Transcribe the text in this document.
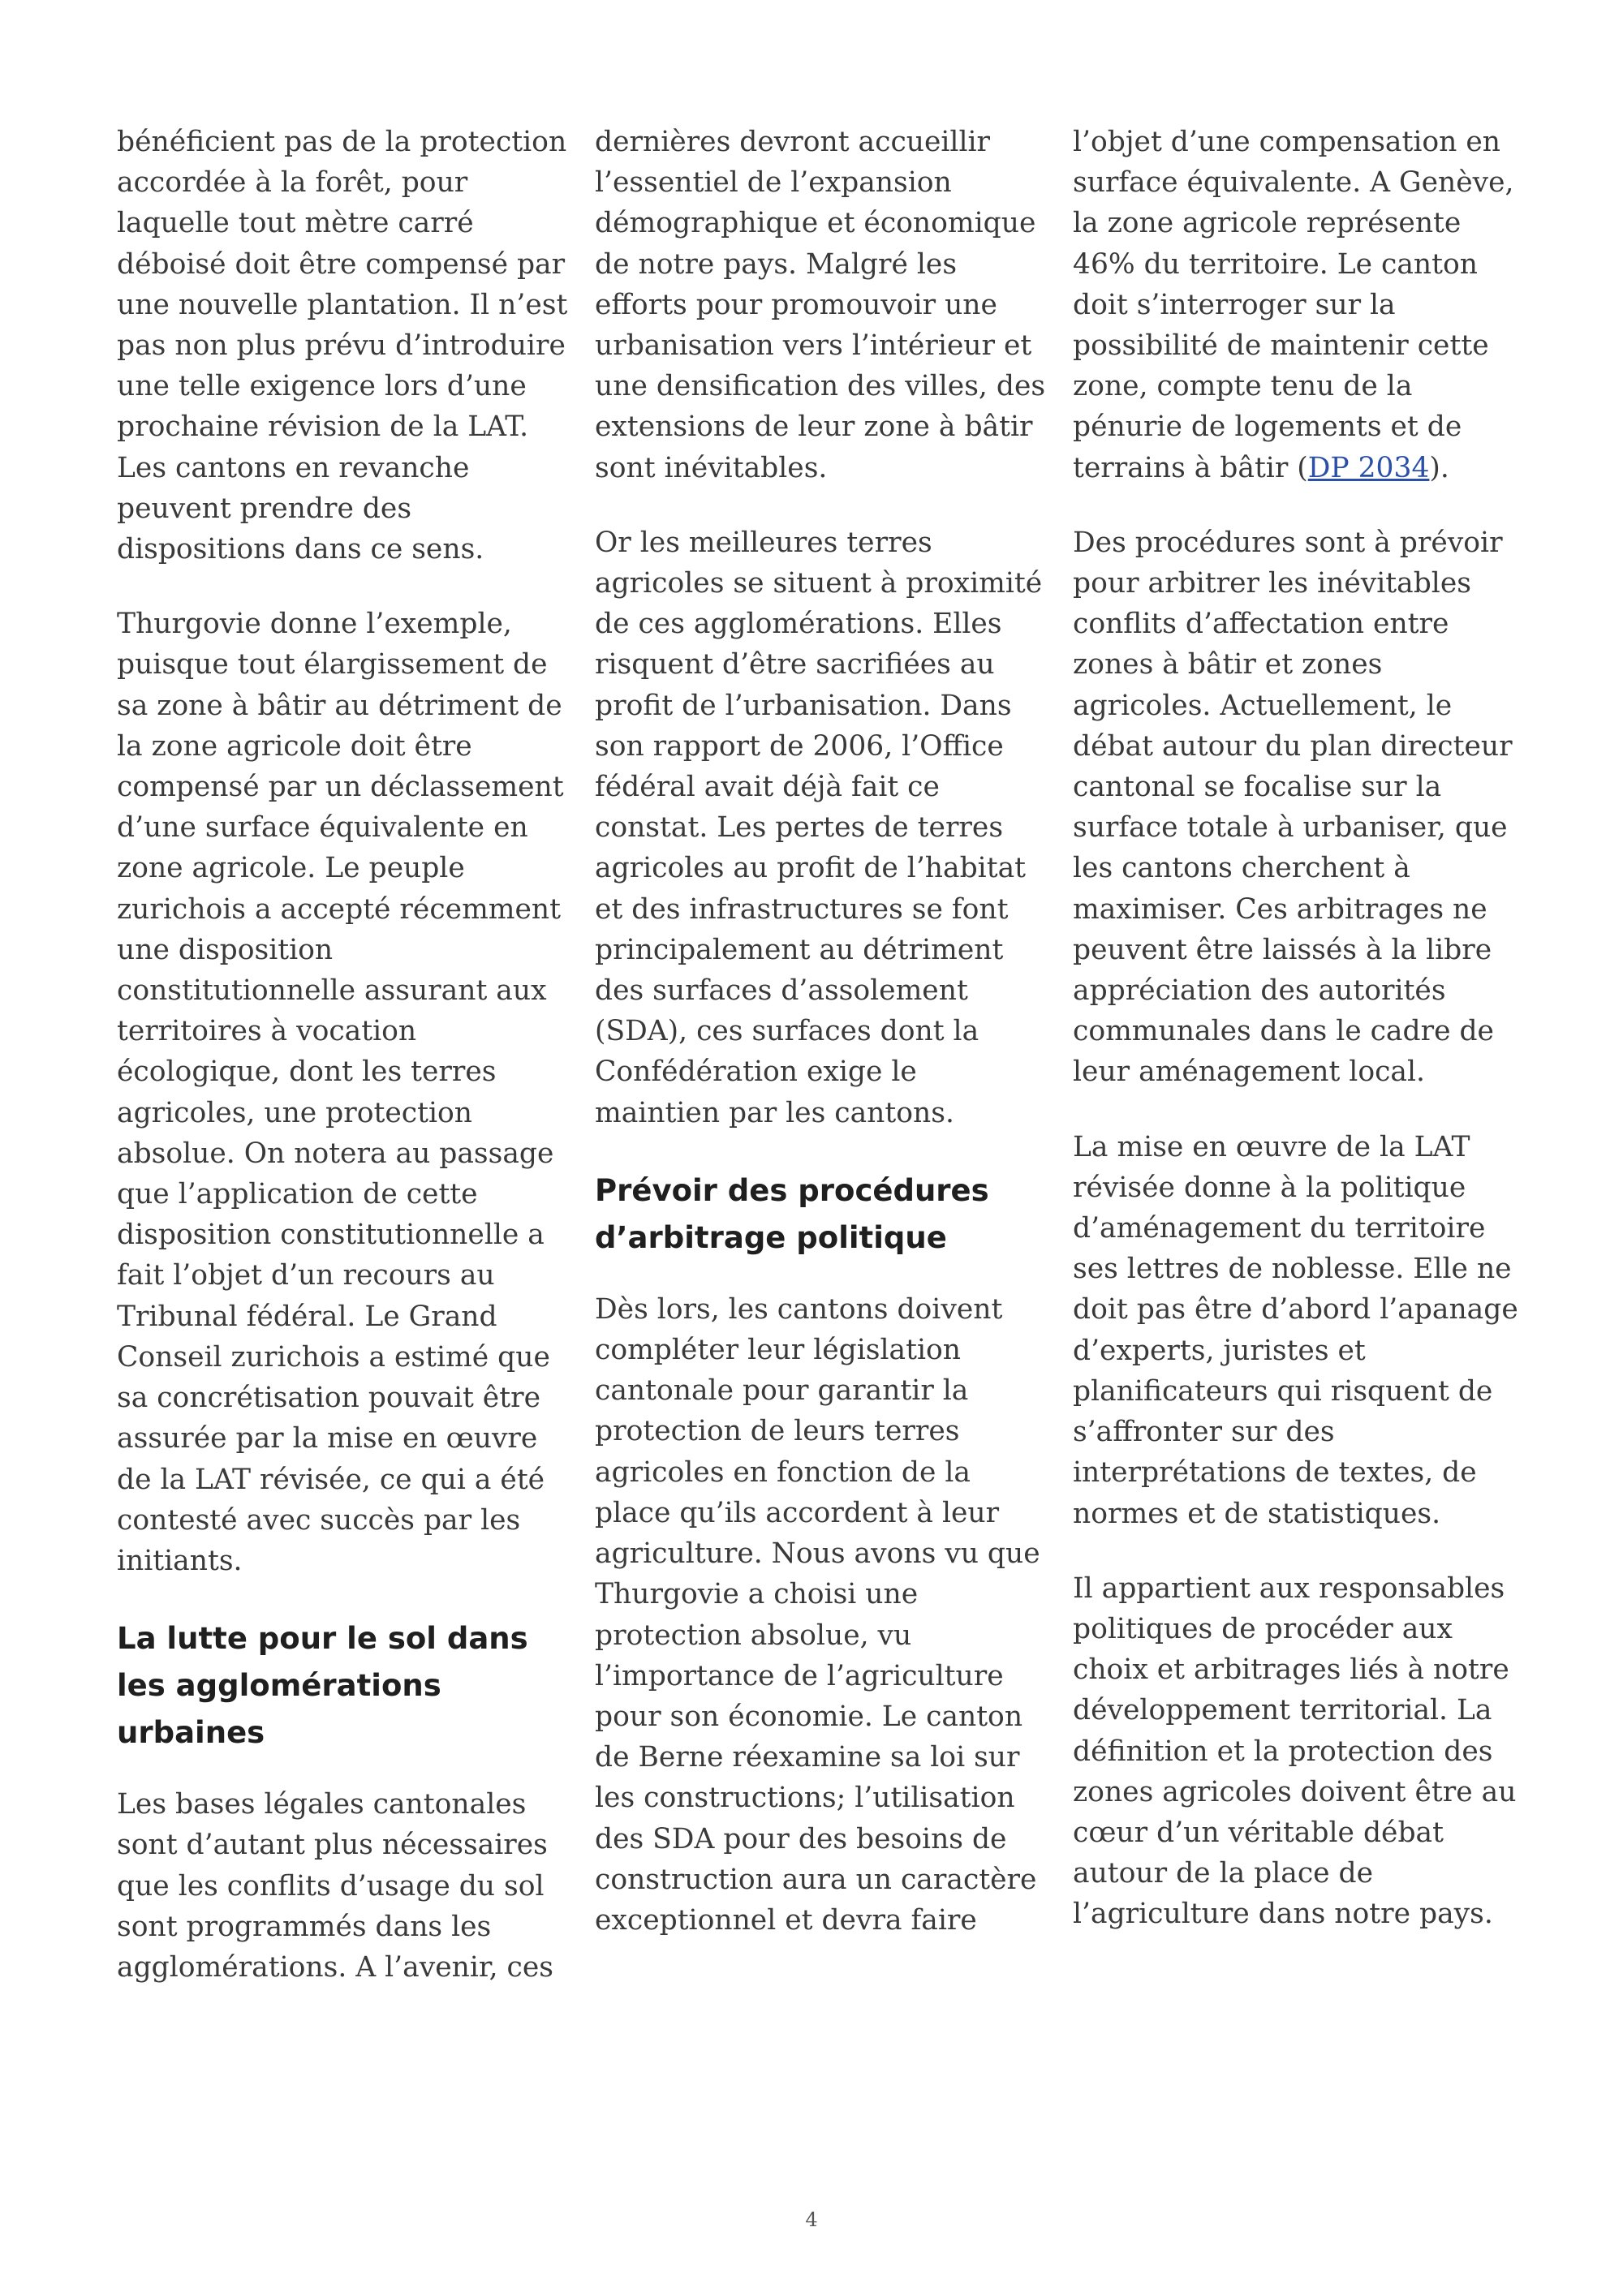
bénéficient pas de la protection accordée à la forêt, pour laquelle tout mètre carré déboisé doit être compensé par une nouvelle plantation. Il n’est pas non plus prévu d’introduire une telle exigence lors d’une prochaine révision de la LAT. Les cantons en revanche peuvent prendre des dispositions dans ce sens.

Thurgovie donne l’exemple, puisque tout élargissement de sa zone à bâtir au détriment de la zone agricole doit être compensé par un déclassement d’une surface équivalente en zone agricole. Le peuple zurichois a accepté récemment une disposition constitutionnelle assurant aux territoires à vocation écologique, dont les terres agricoles, une protection absolue. On notera au passage que l’application de cette disposition constitutionnelle a fait l’objet d’un recours au Tribunal fédéral. Le Grand Conseil zurichois a estimé que sa concrétisation pouvait être assurée par la mise en œuvre de la LAT révisée, ce qui a été contesté avec succès par les initiants.

La lutte pour le sol dans les agglomérations urbaines

Les bases légales cantonales sont d’autant plus nécessaires que les conflits d’usage du sol sont programmés dans les agglomérations. A l’avenir, ces

dernières devront accueillir l’essentiel de l’expansion démographique et économique de notre pays. Malgré les efforts pour promouvoir une urbanisation vers l’intérieur et une densification des villes, des extensions de leur zone à bâtir sont inévitables.

Or les meilleures terres agricoles se situent à proximité de ces agglomérations. Elles risquent d’être sacrifiées au profit de l’urbanisation. Dans son rapport de 2006, l’Office fédéral avait déjà fait ce constat. Les pertes de terres agricoles au profit de l’habitat et des infrastructures se font principalement au détriment des surfaces d’assolement (SDA), ces surfaces dont la Confédération exige le maintien par les cantons.

Prévoir des procédures d’arbitrage politique

Dès lors, les cantons doivent compléter leur législation cantonale pour garantir la protection de leurs terres agricoles en fonction de la place qu’ils accordent à leur agriculture. Nous avons vu que Thurgovie a choisi une protection absolue, vu l’importance de l’agriculture pour son économie. Le canton de Berne réexamine sa loi sur les constructions; l’utilisation des SDA pour des besoins de construction aura un caractère exceptionnel et devra faire

l’objet d’une compensation en surface équivalente. A Genève, la zone agricole représente 46% du territoire. Le canton doit s’interroger sur la possibilité de maintenir cette zone, compte tenu de la pénurie de logements et de terrains à bâtir (DP 2034).

Des procédures sont à prévoir pour arbitrer les inévitables conflits d’affectation entre zones à bâtir et zones agricoles. Actuellement, le débat autour du plan directeur cantonal se focalise sur la surface totale à urbaniser, que les cantons cherchent à maximiser. Ces arbitrages ne peuvent être laissés à la libre appréciation des autorités communales dans le cadre de leur aménagement local.

La mise en œuvre de la LAT révisée donne à la politique d’aménagement du territoire ses lettres de noblesse. Elle ne doit pas être d’abord l’apanage d’experts, juristes et planificateurs qui risquent de s’affronter sur des interprétations de textes, de normes et de statistiques.

Il appartient aux responsables politiques de procéder aux choix et arbitrages liés à notre développement territorial. La définition et la protection des zones agricoles doivent être au cœur d’un véritable débat autour de la place de l’agriculture dans notre pays.

4
